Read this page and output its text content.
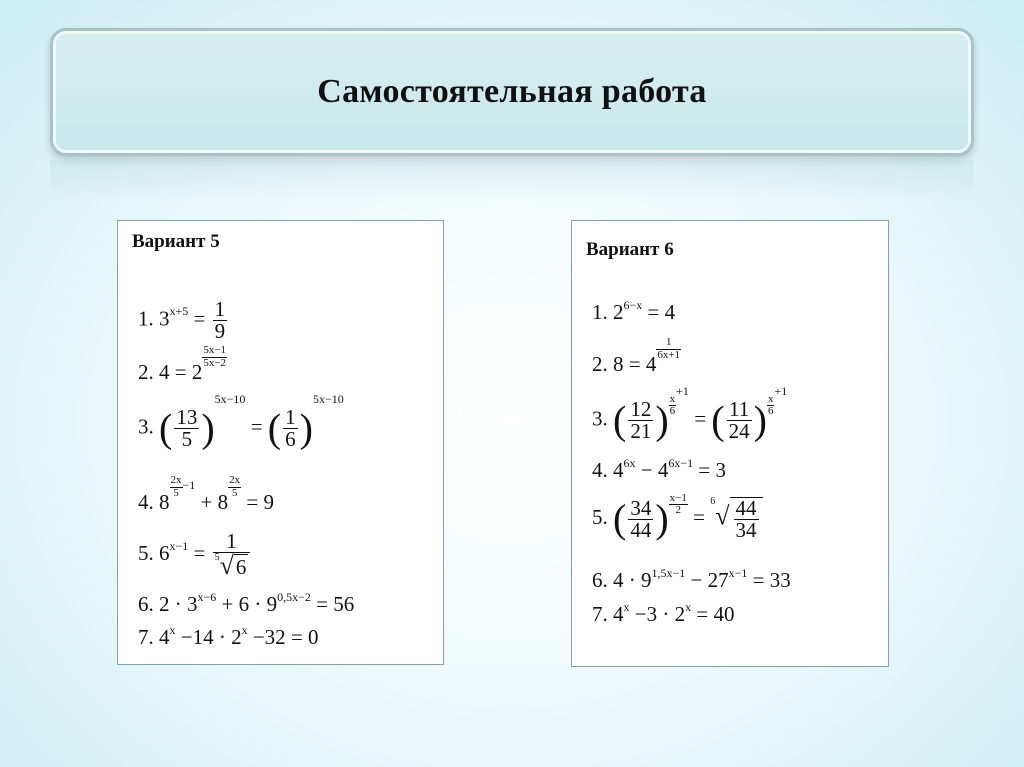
Самостоятельная работа
Вариант 5
1. $3^{x+5} = \frac{1}{9}$
2. 4 = 2
$\frac{5x-1}{5x-2}$
3. ( $\frac{13}{5} )^{5x-10}$ = ( $\frac{1}{6} )^{5x-10}$
4. 8
$\frac{2x}{5} ^{-1} + 8$
$\frac{2x}{5}$
= 9
5. $6^{x-1} = \frac{1}{^5√6}$
6. $2 \cdot 3^{x-6} + 6 \cdot 9^{0,5x-2} = 56$
7. $4^x -14 \cdot 2^x -32 = 0$
Вариант 6
1. $2^{6-x} = 4$
2. 8 = 4
$\frac{1}{6x+1}$
3. ( $\frac{12}{21}$ ) $\frac{x}{6}$
$^{+1}$ = ( $\frac{11}{24}$ ) $\frac{x}{6}$
$^{+1}$
4. $4^{6x} - 4^{6x-1} = 3$
5. ( $\frac{34}{44}$ ) $\frac{x-1}{2} = ^6√ \frac{44}{34}$
6. $4 \cdot 9^{1,5x-1} - 27^{x-1} = 33$
7. $4^x -3 \cdot 2^x = 40$
